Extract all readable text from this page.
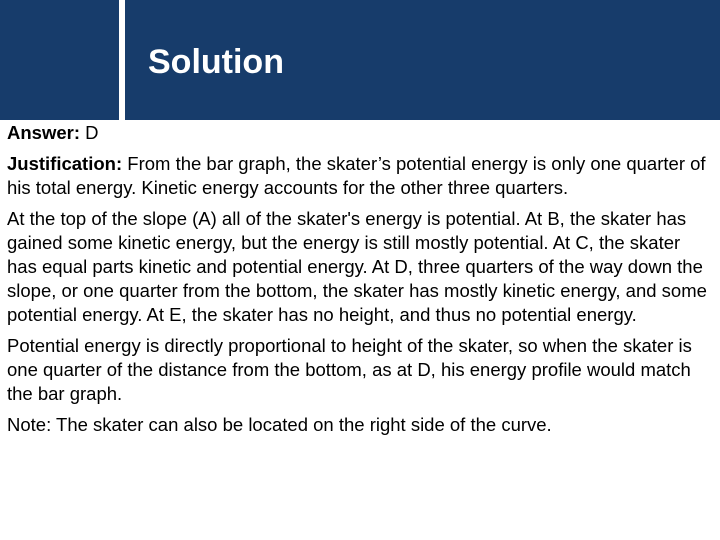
Solution

Answer: D

Justification: From the bar graph, the skater’s potential energy is only one quarter of his total energy. Kinetic energy accounts for the other three quarters.

At the top of the slope (A) all of the skater's energy is potential. At B, the skater has gained some kinetic energy, but the energy is still mostly potential. At C, the skater has equal parts kinetic and potential energy. At D, three quarters of the way down the slope, or one quarter from the bottom, the skater has mostly kinetic energy, and some potential energy. At E, the skater has no height, and thus no potential energy.

Potential energy is directly proportional to height of the skater, so when the skater is one quarter of the distance from the bottom, as at D, his energy profile would match the bar graph.

Note: The skater can also be located on the right side of the curve.
